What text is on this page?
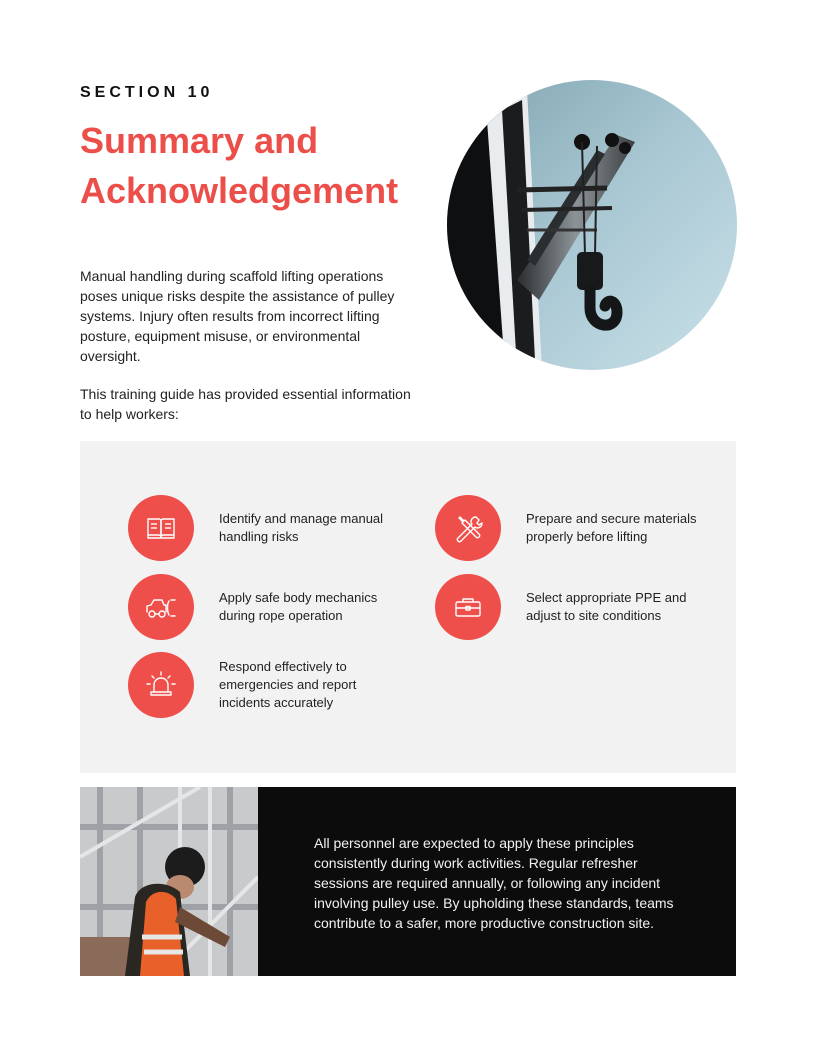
SECTION 10
Summary and Acknowledgement

Manual handling during scaffold lifting operations poses unique risks despite the assistance of pulley systems. Injury often results from incorrect lifting posture, equipment misuse, or environmental oversight.

This training guide has provided essential information to help workers:

Identify and manage manual handling risks
Prepare and secure materials properly before lifting
Apply safe body mechanics during rope operation
Select appropriate PPE and adjust to site conditions
Respond effectively to emergencies and report incidents accurately

All personnel are expected to apply these principles consistently during work activities. Regular refresher sessions are required annually, or following any incident involving pulley use. By upholding these standards, teams contribute to a safer, more productive construction site.
